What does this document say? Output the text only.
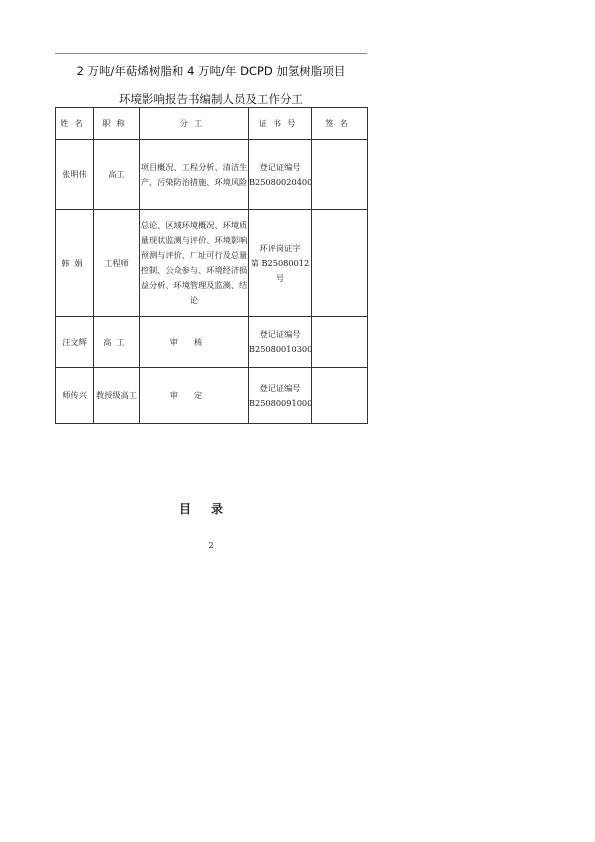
2 万吨/年萜烯树脂和 4 万吨/年 DCPD 加氢树脂项目
环境影响报告书编制人员及工作分工
姓名	职称	分工	证书号	签名
张明伟	高工	项目概况、工程分析、清洁生产、污染防治措施、环境风险	登记证编号
B25080020400	

韩娟	工程师	总论、区域环境概况、环境质量现状监测与评价、环境影响预测与评价、厂址可行及总量控制、公众参与、环境经济损益分析、环境管理及监测、结论	环评岗证字
第 B25080012 号	

汪文辉	高工	审核	登记证编号
B25080010300	

师传兴	教授级高工	审定	登记证编号
B25080091000	

目录
2
